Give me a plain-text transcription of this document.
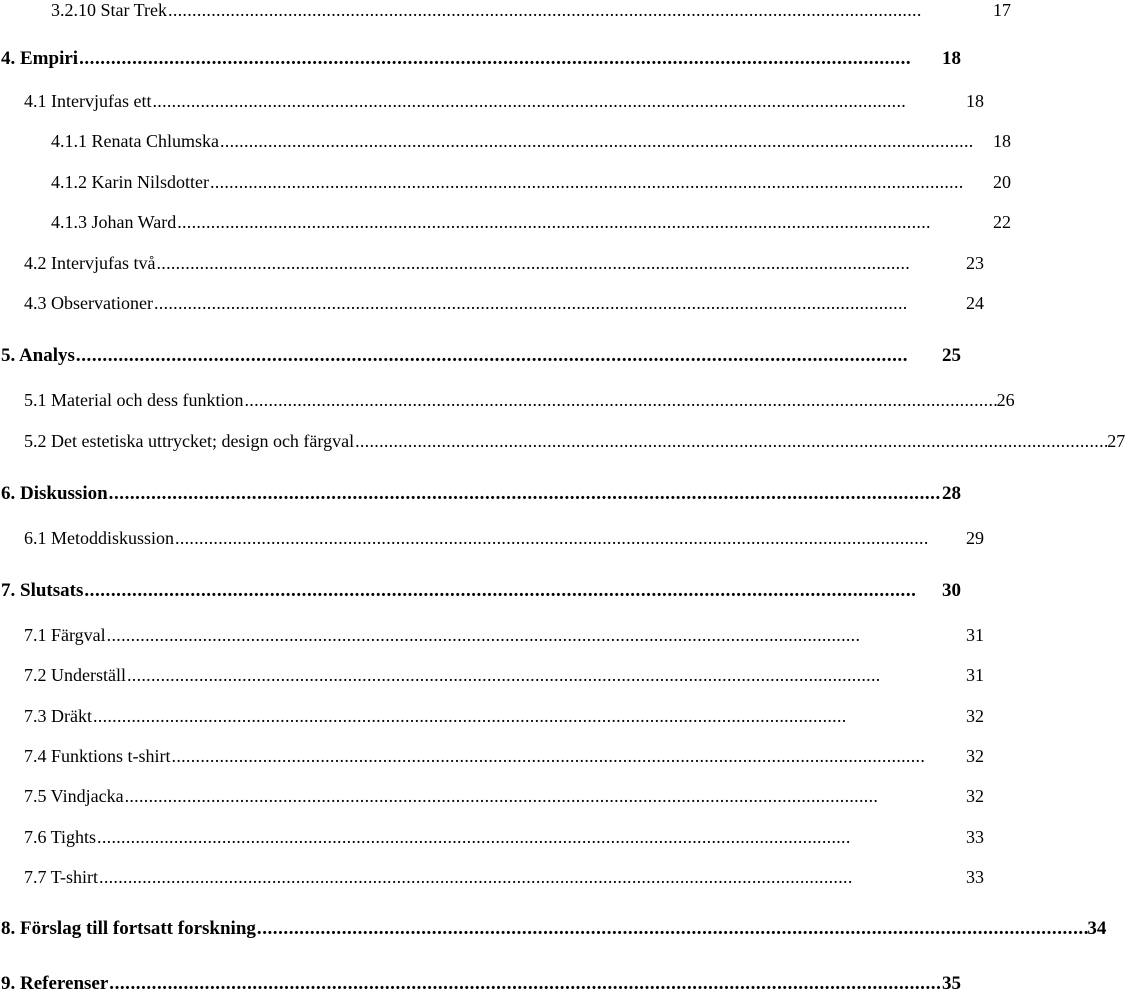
3.2.10 Star Trek . . .	17
4. Empiri . . .	18
4.1 Intervjufas ett . . .	18
4.1.1 Renata Chlumska . . .	18
4.1.2 Karin Nilsdotter . . .	20
4.1.3 Johan Ward . . .	22
4.2 Intervjufas två . . .	23
4.3 Observationer . . .	24
5. Analys . . .	25
5.1 Material och dess funktion . . .	26
5.2 Det estetiska uttrycket; design och färgval . . .	27
6. Diskussion . . .	28
6.1 Metoddiskussion . . .	29
7. Slutsats . . .	30
7.1 Färgval . . .	31
7.2 Underställ . . .	31
7.3 Dräkt . . .	32
7.4 Funktions t-shirt . . .	32
7.5 Vindjacka . . .	32
7.6 Tights . . .	33
7.7 T-shirt . . .	33
8. Förslag till fortsatt forskning . . .	34
9. Referenser . . .	35
